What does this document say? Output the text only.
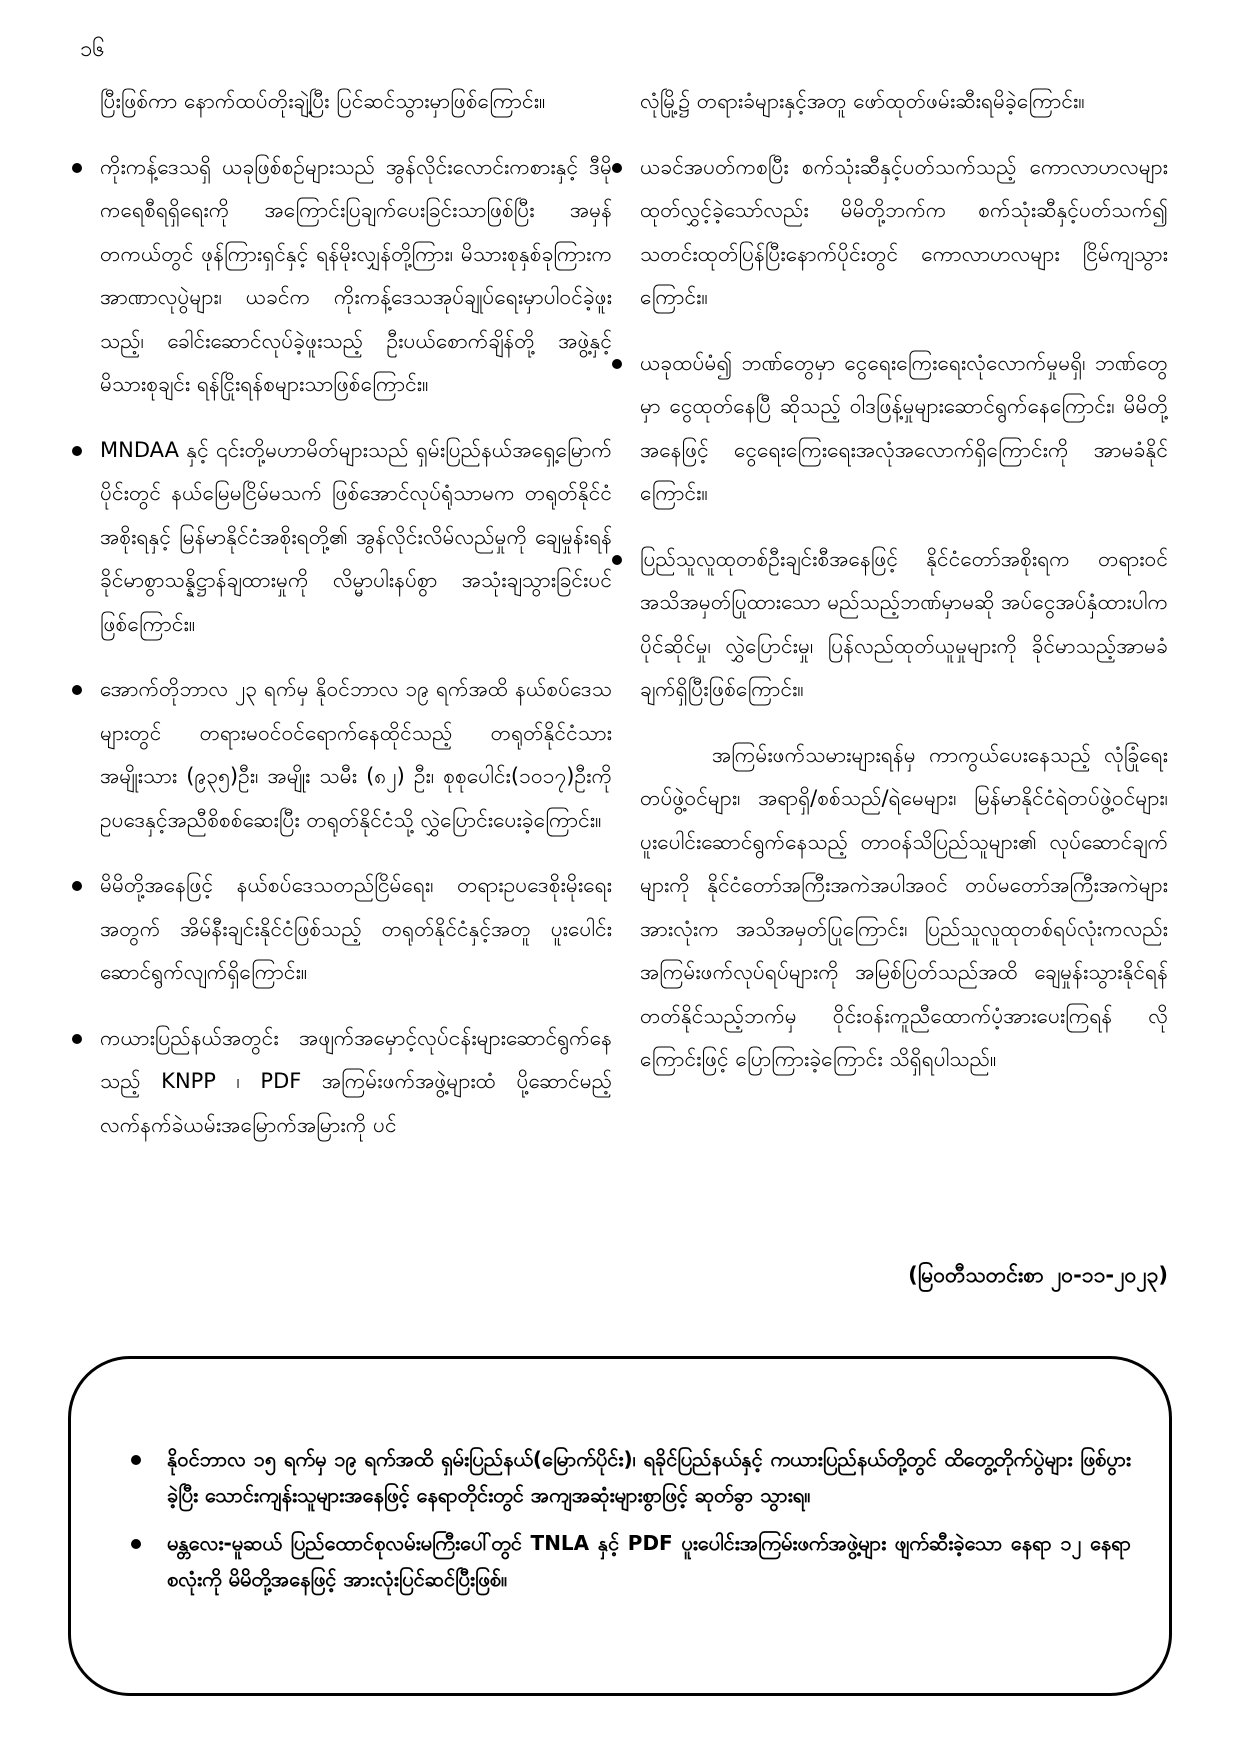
၁၆

ပြီးဖြစ်ကာ နောက်ထပ်တိုးချဲ့ပြီး ပြင်ဆင်သွားမှာဖြစ်ကြောင်း။

ကိုးကန့်ဒေသရှိ ယခုဖြစ်စဉ်များသည် အွန်လိုင်းလောင်းကစားနှင့် ဒီမိုကရေစီရရှိရေးကို အကြောင်းပြချက်ပေးခြင်းသာဖြစ်ပြီး အမှန်တကယ်တွင် ဖုန်ကြားရှင်နှင့် ရန်မိုးလျှန်တို့ကြား၊ မိသားစုနှစ်ခုကြားက အာဏာလုပွဲများ၊ ယခင်က ကိုးကန့်ဒေသအုပ်ချုပ်ရေးမှာပါဝင်ခဲ့ဖူးသည့်၊ ခေါင်းဆောင်လုပ်ခဲ့ဖူးသည့် ဦးပယ်စောက်ချိန်တို့ အဖွဲ့နှင့် မိသားစုချင်း ရန်ငြိုးရန်စများသာဖြစ်ကြောင်း။
MNDAA နှင့် ၎င်းတို့မဟာမိတ်များသည် ရှမ်းပြည်နယ်အရှေ့မြောက်ပိုင်းတွင် နယ်မြေမငြိမ်မသက် ဖြစ်အောင်လုပ်ရုံသာမက တရုတ်နိုင်ငံအစိုးရနှင့် မြန်မာနိုင်ငံအစိုးရတို့၏ အွန်လိုင်းလိမ်လည်မှုကို ချေမှုန်းရန် ခိုင်မာစွာသန္နိဋ္ဌာန်ချထားမှုကို လိမ္မာပါးနပ်စွာ အသုံးချသွားခြင်းပင်ဖြစ်ကြောင်း။
အောက်တိုဘာလ ၂၃ ရက်မှ နိုဝင်ဘာလ ၁၉ ရက်အထိ နယ်စပ်ဒေသများတွင် တရားမဝင်ဝင်ရောက်နေထိုင်သည့် တရုတ်နိုင်ငံသား အမျိုးသား (၉၃၅)ဦး၊ အမျိုး သမီး (၈၂) ဦး၊ စုစုပေါင်း(၁၀၁၇)ဦးကို ဥပဒေနှင့်အညီစိစစ်ဆေးပြီး တရုတ်နိုင်ငံသို့ လွှဲပြောင်းပေးခဲ့ကြောင်း။
မိမိတို့အနေဖြင့် နယ်စပ်ဒေသတည်ငြိမ်ရေး၊ တရားဥပဒေစိုးမိုးရေးအတွက် အိမ်နီးချင်းနိုင်ငံဖြစ်သည့် တရုတ်နိုင်ငံနှင့်အတူ ပူးပေါင်းဆောင်ရွက်လျက်ရှိကြောင်း။
ကယားပြည်နယ်အတွင်း အဖျက်အမှောင့်လုပ်ငန်းများဆောင်ရွက်နေသည့် KNPP ၊ PDF အကြမ်းဖက်အဖွဲ့များထံ ပို့ဆောင်မည့် လက်နက်ခဲယမ်းအမြောက်အမြားကို ပင်

လုံမြို့၌ တရားခံများနှင့်အတူ ဖော်ထုတ်ဖမ်းဆီးရမိခဲ့ကြောင်း။

ယခင်အပတ်ကစပြီး စက်သုံးဆီနှင့်ပတ်သက်သည့် ကောလာဟလများ ထုတ်လွှင့်ခဲ့သော်လည်း မိမိတို့ဘက်က စက်သုံးဆီနှင့်ပတ်သက်၍ သတင်းထုတ်ပြန်ပြီးနောက်ပိုင်းတွင် ကောလာဟလများ ငြိမ်ကျသွားကြောင်း။
ယခုထပ်မံ၍ ဘဏ်တွေမှာ ငွေရေးကြေးရေးလုံလောက်မှုမရှိ၊ ဘဏ်တွေမှာ ငွေထုတ်နေပြီ ဆိုသည့် ဝါဒဖြန့်မှုများဆောင်ရွက်နေကြောင်း၊ မိမိတို့အနေဖြင့် ငွေရေးကြေးရေးအလုံအလောက်ရှိကြောင်းကို အာမခံနိုင်ကြောင်း။
ပြည်သူလူထုတစ်ဦးချင်းစီအနေဖြင့် နိုင်ငံတော်အစိုးရက တရားဝင်အသိအမှတ်ပြုထားသော မည်သည့်ဘဏ်မှာမဆို အပ်ငွေအပ်နှံထားပါက ပိုင်ဆိုင်မှု၊ လွှဲပြောင်းမှု၊ ပြန်လည်ထုတ်ယူမှုများကို ခိုင်မာသည့်အာမခံချက်ရှိပြီးဖြစ်ကြောင်း။

အကြမ်းဖက်သမားများရန်မှ ကာကွယ်ပေးနေသည့် လုံခြုံရေးတပ်ဖွဲ့ဝင်များ၊ အရာရှိ/စစ်သည်/ရဲမေများ၊ မြန်မာနိုင်ငံရဲတပ်ဖွဲ့ဝင်များ၊ ပူးပေါင်းဆောင်ရွက်နေသည့် တာဝန်သိပြည်သူများ၏ လုပ်ဆောင်ချက်များကို နိုင်ငံတော်အကြီးအကဲအပါအဝင် တပ်မတော်အကြီးအကဲများအားလုံးက အသိအမှတ်ပြုကြောင်း၊ ပြည်သူလူထုတစ်ရပ်လုံးကလည်း အကြမ်းဖက်လုပ်ရပ်များကို အမြစ်ပြတ်သည်အထိ ချေမှုန်းသွားနိုင်ရန် တတ်နိုင်သည့်ဘက်မှ ဝိုင်းဝန်းကူညီထောက်ပံ့အားပေးကြရန် လိုကြောင်းဖြင့် ပြောကြားခဲ့ကြောင်း သိရှိရပါသည်။

(မြဝတီသတင်းစာ ၂၀-၁၁-၂၀၂၃)
နိုဝင်ဘာလ ၁၅ ရက်မှ ၁၉ ရက်အထိ ရှမ်းပြည်နယ်(မြောက်ပိုင်း)၊ ရခိုင်ပြည်နယ်နှင့် ကယားပြည်နယ်တို့တွင် ထိတွေ့တိုက်ပွဲများ ဖြစ်ပွားခဲ့ပြီး သောင်းကျန်းသူများအနေဖြင့် နေရာတိုင်းတွင် အကျအဆုံးများစွာဖြင့် ဆုတ်ခွာ သွားရ။
မန္တလေး-မူဆယ် ပြည်ထောင်စုလမ်းမကြီးပေါ်တွင် TNLA နှင့် PDF ပူးပေါင်းအကြမ်းဖက်အဖွဲ့များ ဖျက်ဆီးခဲ့သော နေရာ ၁၂ နေရာစလုံးကို မိမိတို့အနေဖြင့် အားလုံးပြင်ဆင်ပြီးဖြစ်။
